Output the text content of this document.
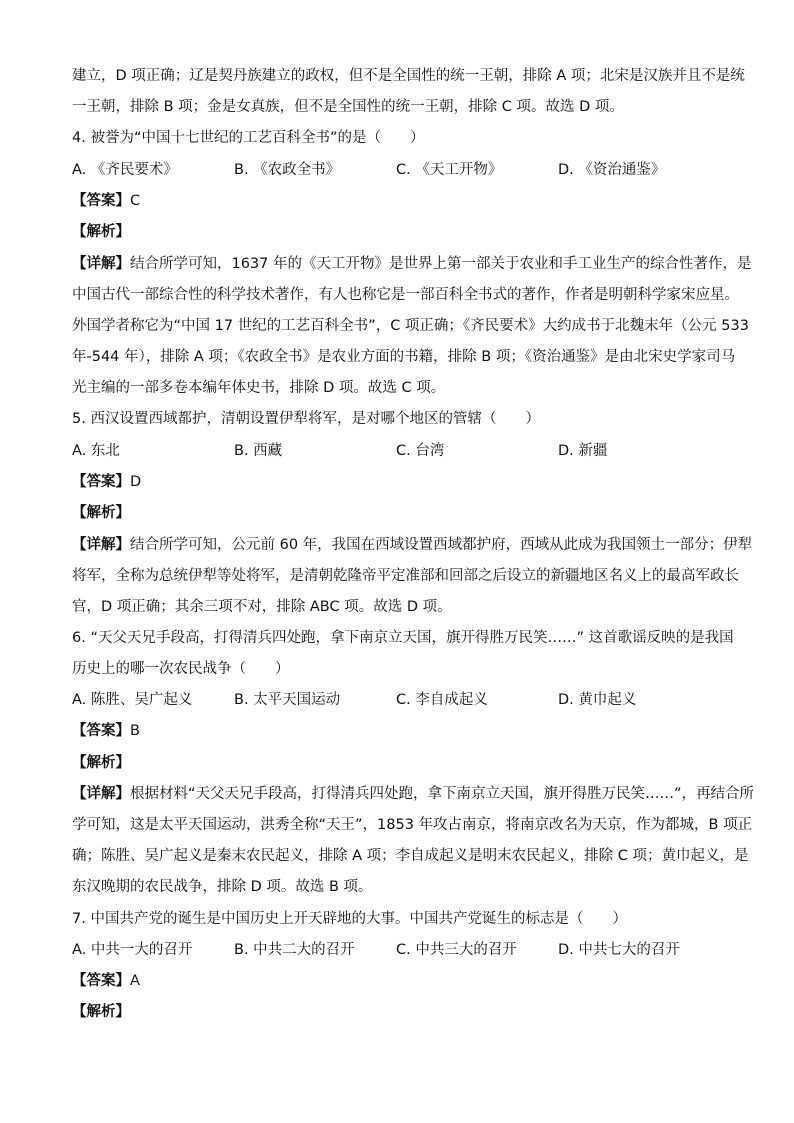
建立，D 项正确；辽是契丹族建立的政权，但不是全国性的统一王朝，排除 A 项；北宋是汉族并且不是统
一王朝，排除 B 项；金是女真族，但不是全国性的统一王朝，排除 C 项。故选 D 项。
4. 被誉为“中国十七世纪的工艺百科全书”的是（　　）
A. 《齐民要术》	B. 《农政全书》	C. 《天工开物》	D. 《资治通鉴》
【答案】C
【解析】
【详解】结合所学可知，1637 年的《天工开物》是世界上第一部关于农业和手工业生产的综合性著作，是
中国古代一部综合性的科学技术著作，有人也称它是一部百科全书式的著作，作者是明朝科学家宋应星。
外国学者称它为“中国 17 世纪的工艺百科全书”，C 项正确；《齐民要术》大约成书于北魏末年（公元 533
年-544 年），排除 A 项；《农政全书》是农业方面的书籍，排除 B 项；《资治通鉴》是由北宋史学家司马
光主编的一部多卷本编年体史书，排除 D 项。故选 C 项。
5. 西汉设置西域都护，清朝设置伊犁将军，是对哪个地区的管辖（　　）
A. 东北	B. 西藏	C. 台湾	D. 新疆
【答案】D
【解析】
【详解】结合所学可知，公元前 60 年，我国在西域设置西域都护府，西域从此成为我国领土一部分；伊犁
将军，全称为总统伊犁等处将军，是清朝乾隆帝平定准部和回部之后设立的新疆地区名义上的最高军政长
官，D 项正确；其余三项不对，排除 ABC 项。故选 D 项。
6. “天父天兄手段高，打得清兵四处跑，拿下南京立天国，旗开得胜万民笑……” 这首歌谣反映的是我国
历史上的哪一次农民战争（　　）
A. 陈胜、吴广起义	B. 太平天国运动	C. 李自成起义	D. 黄巾起义
【答案】B
【解析】
【详解】根据材料“天父天兄手段高，打得清兵四处跑，拿下南京立天国，旗开得胜万民笑……”，再结合所
学可知，这是太平天国运动，洪秀全称“天王”，1853 年攻占南京，将南京改名为天京，作为都城，B 项正
确；陈胜、吴广起义是秦末农民起义，排除 A 项；李自成起义是明末农民起义，排除 C 项；黄巾起义，是
东汉晚期的农民战争，排除 D 项。故选 B 项。
7. 中国共产党的诞生是中国历史上开天辟地的大事。中国共产党诞生的标志是（　　）
A. 中共一大的召开	B. 中共二大的召开	C. 中共三大的召开	D. 中共七大的召开
【答案】A
【解析】
